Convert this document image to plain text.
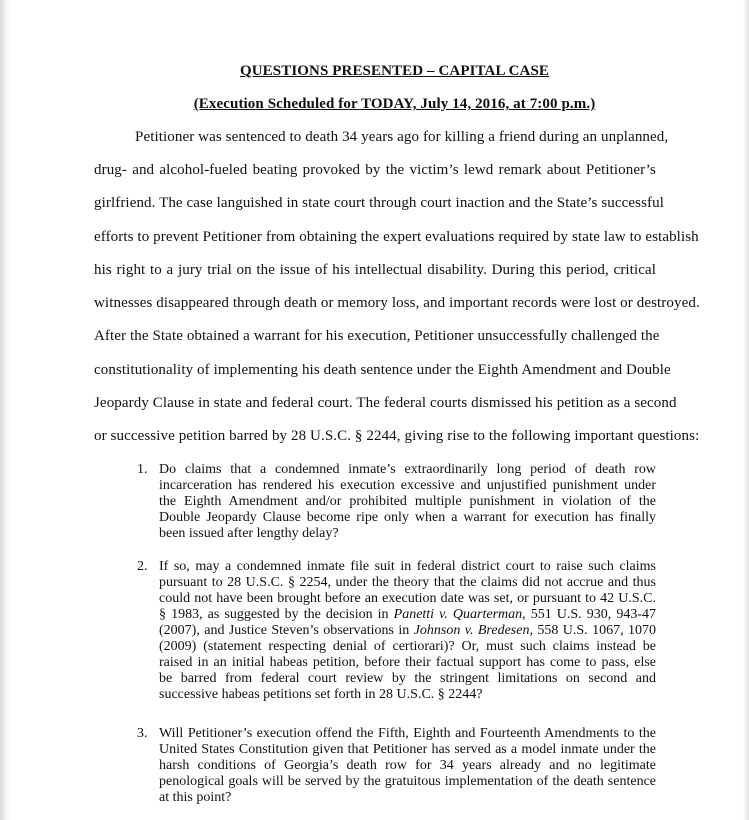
QUESTIONS PRESENTED – CAPITAL CASE
(Execution Scheduled for TODAY, July 14, 2016, at 7:00 p.m.)
Petitioner was sentenced to death 34 years ago for killing a friend during an unplanned,
drug- and alcohol-fueled beating provoked by the victim’s lewd remark about Petitioner’s
girlfriend. The case languished in state court through court inaction and the State’s successful
efforts to prevent Petitioner from obtaining the expert evaluations required by state law to establish
his right to a jury trial on the issue of his intellectual disability. During this period, critical
witnesses disappeared through death or memory loss, and important records were lost or destroyed.
After the State obtained a warrant for his execution, Petitioner unsuccessfully challenged the
constitutionality of implementing his death sentence under the Eighth Amendment and Double
Jeopardy Clause in state and federal court. The federal courts dismissed his petition as a second
or successive petition barred by 28 U.S.C. § 2244, giving rise to the following important questions:
1. Do claims that a condemned inmate’s extraordinarily long period of death row
incarceration has rendered his execution excessive and unjustified punishment under
the Eighth Amendment and/or prohibited multiple punishment in violation of the
Double Jeopardy Clause become ripe only when a warrant for execution has finally
been issued after lengthy delay?
2. If so, may a condemned inmate file suit in federal district court to raise such claims
pursuant to 28 U.S.C. § 2254, under the theory that the claims did not accrue and thus
could not have been brought before an execution date was set, or pursuant to 42 U.S.C.
§ 1983, as suggested by the decision in Panetti v. Quarterman, 551 U.S. 930, 943-47
(2007), and Justice Steven’s observations in Johnson v. Bredesen, 558 U.S. 1067, 1070
(2009) (statement respecting denial of certiorari)? Or, must such claims instead be
raised in an initial habeas petition, before their factual support has come to pass, else
be barred from federal court review by the stringent limitations on second and
successive habeas petitions set forth in 28 U.S.C. § 2244?
3. Will Petitioner’s execution offend the Fifth, Eighth and Fourteenth Amendments to the
United States Constitution given that Petitioner has served as a model inmate under the
harsh conditions of Georgia’s death row for 34 years already and no legitimate
penological goals will be served by the gratuitous implementation of the death sentence
at this point?
